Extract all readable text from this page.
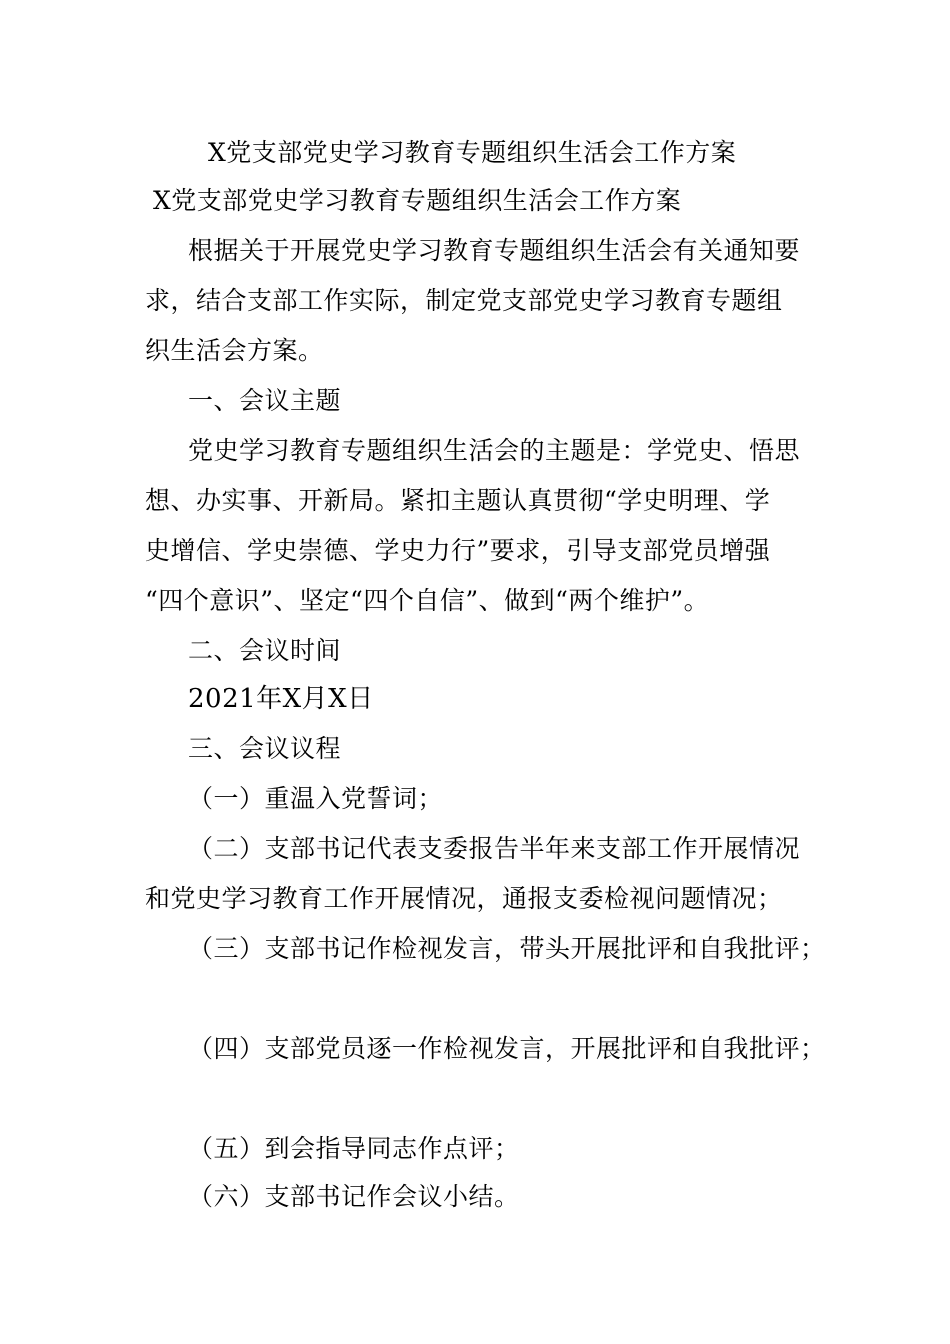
X党支部党史学习教育专题组织生活会工作方案
X党支部党史学习教育专题组织生活会工作方案
根据关于开展党史学习教育专题组织生活会有关通知要
求，结合支部工作实际，制定党支部党史学习教育专题组
织生活会方案。
一、会议主题
党史学习教育专题组织生活会的主题是：学党史、悟思
想、办实事、开新局。紧扣主题认真贯彻“学史明理、学
史增信、学史崇德、学史力行”要求，引导支部党员增强
“四个意识”、坚定“四个自信”、做到“两个维护”。
二、会议时间
2021年X月X日
三、会议议程
（一）重温入党誓词；
（二）支部书记代表支委报告半年来支部工作开展情况
和党史学习教育工作开展情况，通报支委检视问题情况；
（三）支部书记作检视发言，带头开展批评和自我批评；
（四）支部党员逐一作检视发言，开展批评和自我批评；
（五）到会指导同志作点评；
（六）支部书记作会议小结。
